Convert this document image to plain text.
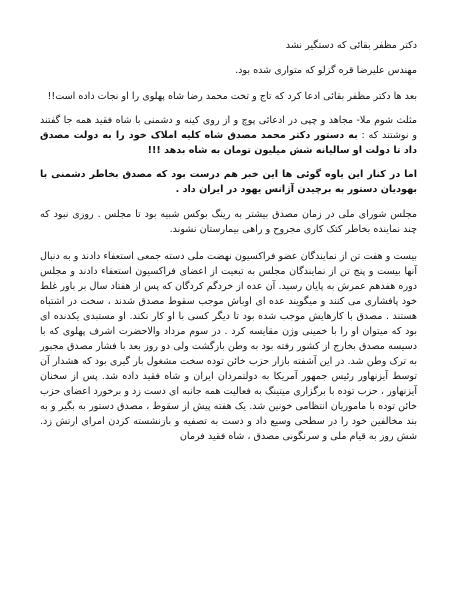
دکتر مظفر بقائی که دستگیر نشد

مهندس علیرضا قره گزلو که متواری شده بود.

بعد ها دکتر مظفر بقائی ادعا کرد که تاج و تخت محمد رضا شاه پهلوی را او نجات داده است!!

مثلث شوم ملا- مجاهد و چپی در ادعائی پوچ و از روی کینه و دشمنی با شاه فقید همه جا گفتند و نوشتند که : به دستور دکتر محمد مصدق شاه کلیه املاک خود را به دولت مصدق داد تا دولت او سالیانه شش میلیون تومان به شاه بدهد !!!

اما در کنار این یاوه گوئی ها این خبر هم درست بود که مصدق بخاطر دشمنی با بهودیان دستور به برچیدن آژانس یهود در ایران داد .

مجلس شورای ملی در زمان مصدق بیشتر به رینگ بوکس شبیه بود تا مجلس . روزی نبود که چند نماینده بخاطر کتک کاری مجروح و راهی بیمارستان نشوند.

بیست و هفت تن از نمایندگان عضو فراکسیون نهضت ملی دسته جمعی استعفاء دادند و به دنبال آنها بیست و پنج تن از نمایندگان مجلس به تبعیت از اعضای فراکسیون استعفاء دادند و مجلس دوره هفدهم عمرش به پایان رسید. آن عده از خردگم کردگان که پس از هفتاد سال بر باور غلط خود پافشاری می کنند و میگویند عده ای اوباش موجب سقوط مصدق شدند ، سخت در اشتباه هستند . مصدق با کارهایش موجب شده بود تا دیگر کسی با او کار نکند. او مستبدی یکدنده ای بود که میتوان او را با خمینی وژن مقایسه کرد . در سوم مرداد والاحضرت اشرف پهلوی که با دسیسه مصدق بخارج از کشور رفته بود به وطن بازگشت ولی دو روز بعد با فشار مصدق مجبور به ترک وطن شد. در این آشفته بازار حزب خائن توده سخت مشغول بار گیری بود که هشدار آن توسط آیزنهاور رئیس جمهور آمریکا به دولتمردان ایران و شاه فقید داده شد. پس از سخنان آیزنهاور ، حزب توده با برگزاری میتینگ به فعالیت همه جانبه ای دست زد و برخورد اعضای حزب خائن توده با ماموریان انتظامی خونین شد. یک هفته پیش از سقوط ، مصدق دستور به بگیر و به بند مخالفین خود را در سطحی وسیع داد و دست به تصفیه و بازنشسته کردن امرای ارتش زد. شش روز به قیام ملی و سرنگونی مصدق ، شاه فقید فرمان
